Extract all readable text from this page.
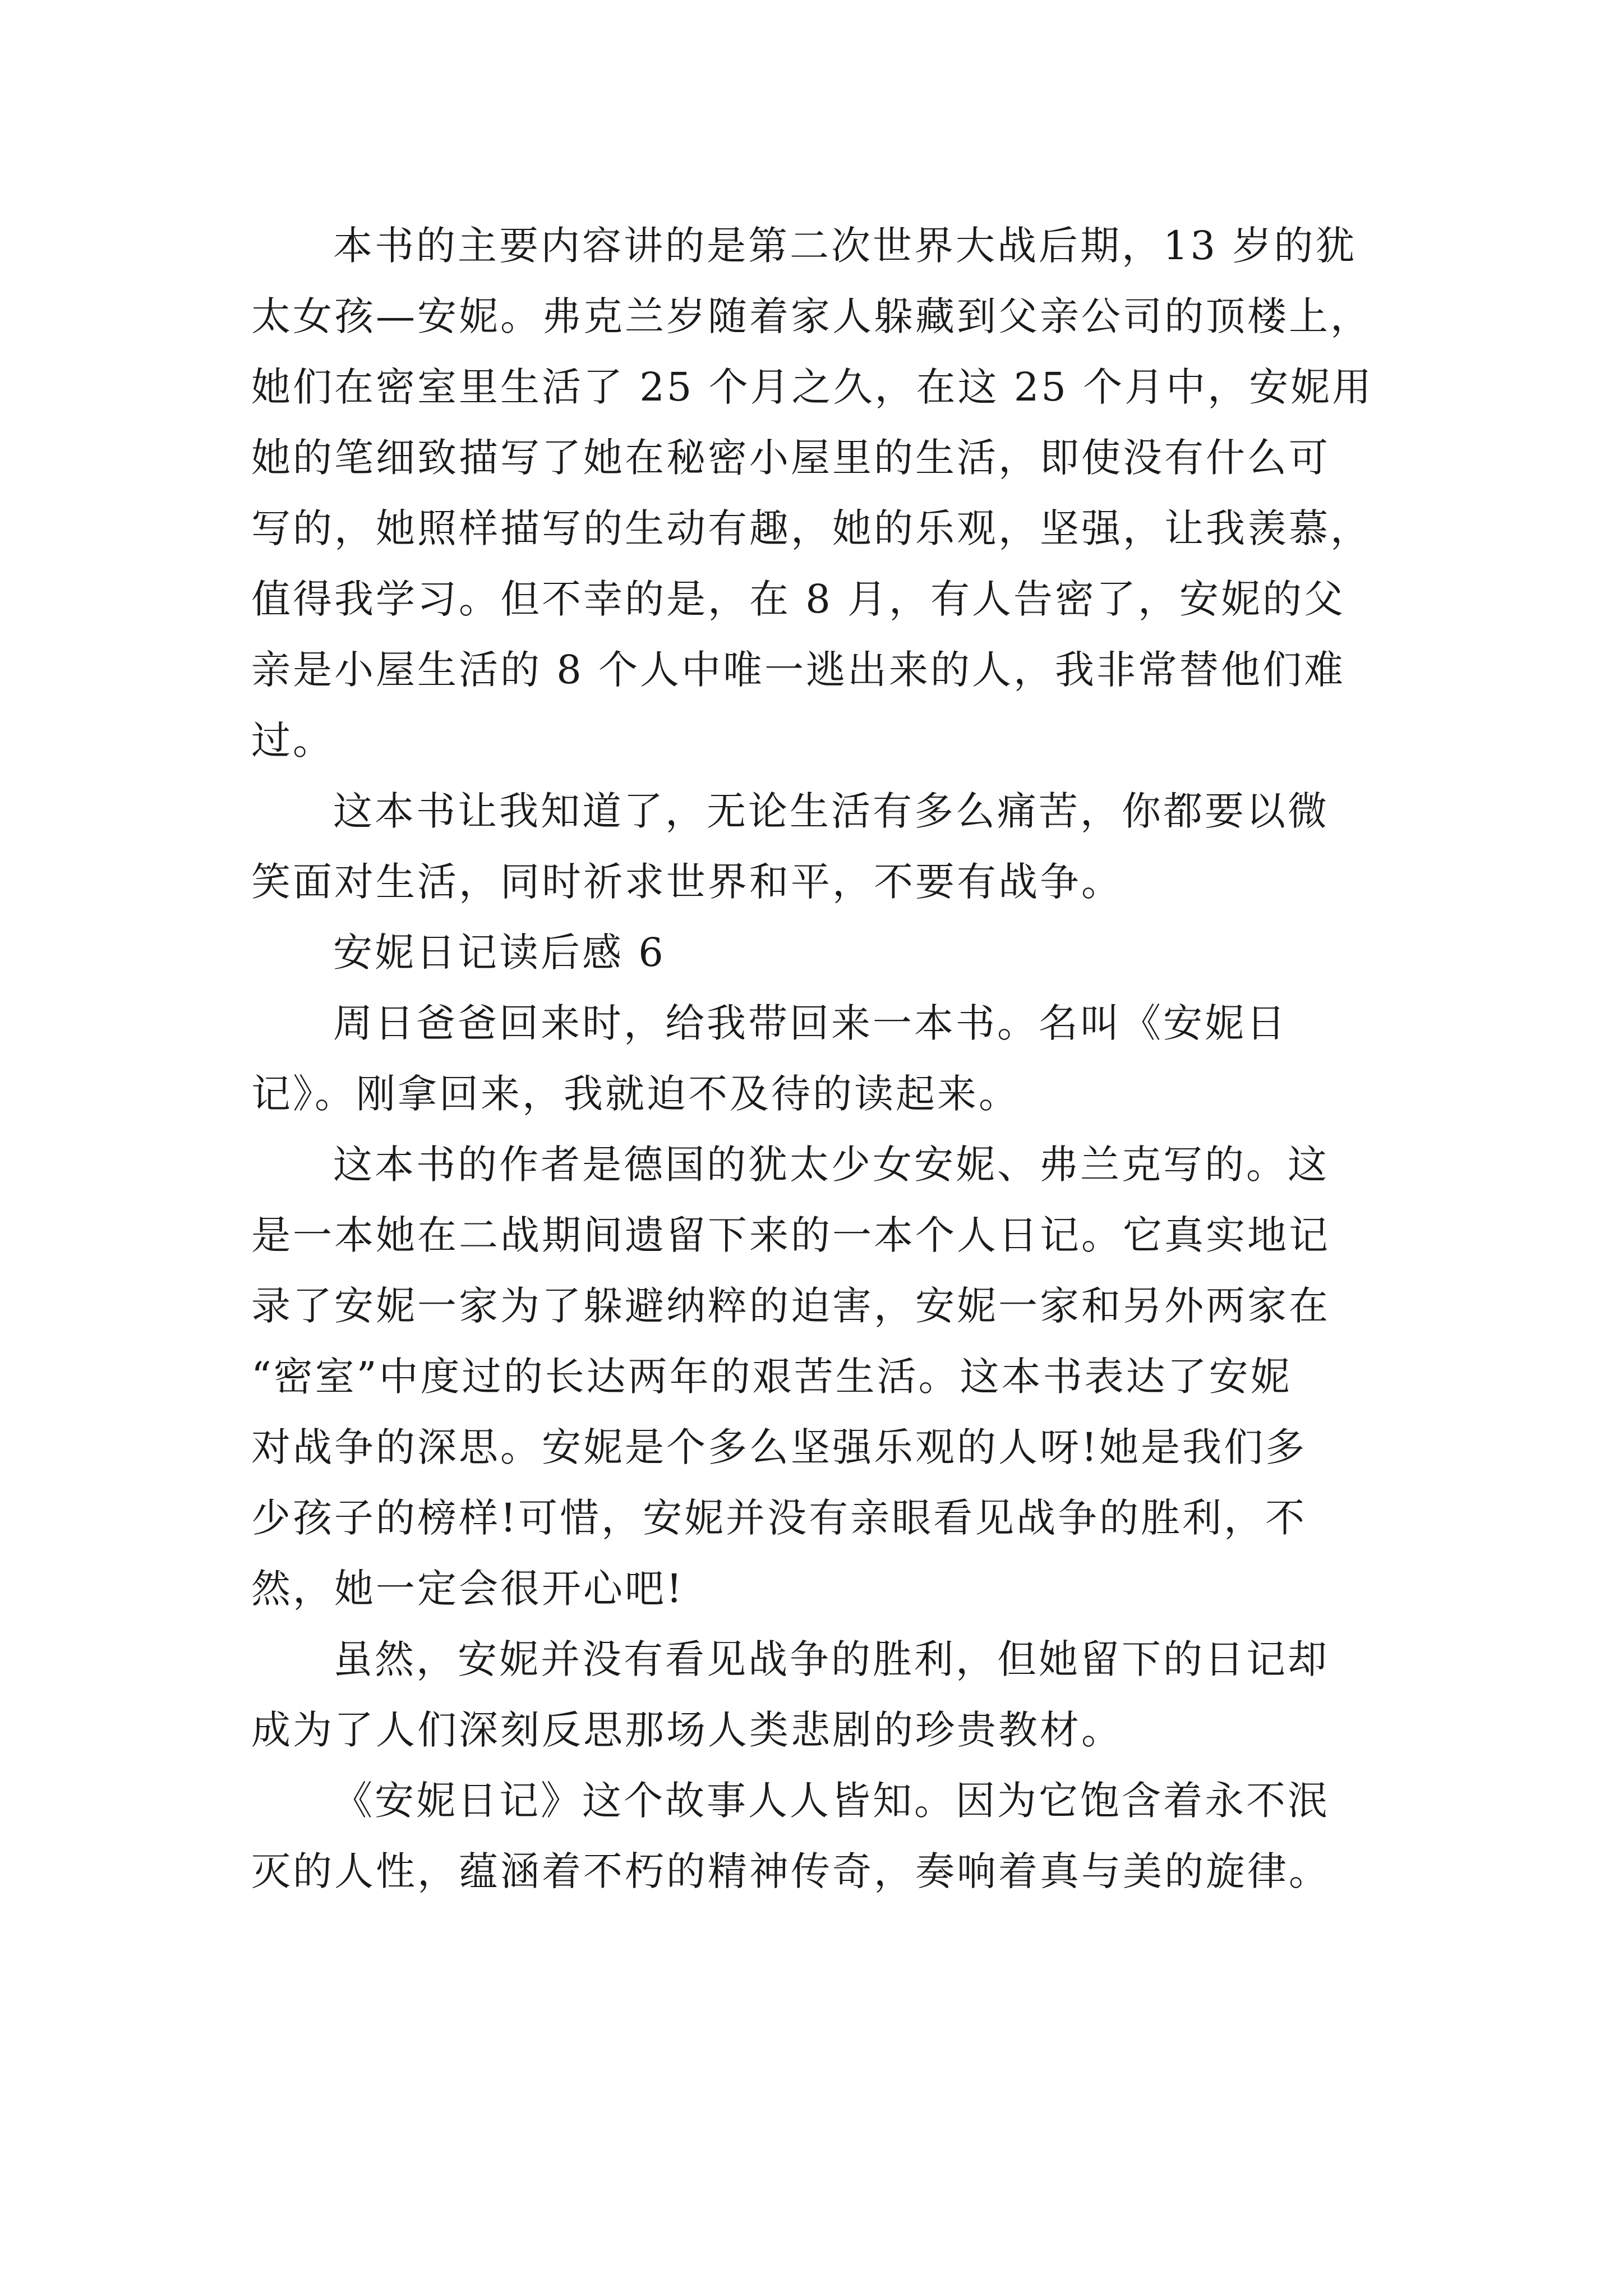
本书的主要内容讲的是第二次世界大战后期，13 岁的犹
太女孩—安妮。弗克兰岁随着家人躲藏到父亲公司的顶楼上，
她们在密室里生活了 25 个月之久，在这 25 个月中，安妮用
她的笔细致描写了她在秘密小屋里的生活，即使没有什么可
写的，她照样描写的生动有趣，她的乐观，坚强，让我羡慕，
值得我学习。但不幸的是，在 8 月，有人告密了，安妮的父
亲是小屋生活的 8 个人中唯一逃出来的人，我非常替他们难
过。
这本书让我知道了，无论生活有多么痛苦，你都要以微
笑面对生活，同时祈求世界和平，不要有战争。
安妮日记读后感 6
周日爸爸回来时，给我带回来一本书。名叫《安妮日
记》。刚拿回来，我就迫不及待的读起来。
这本书的作者是德国的犹太少女安妮、弗兰克写的。这
是一本她在二战期间遗留下来的一本个人日记。它真实地记
录了安妮一家为了躲避纳粹的迫害，安妮一家和另外两家在
“密室”中度过的长达两年的艰苦生活。这本书表达了安妮
对战争的深思。安妮是个多么坚强乐观的人呀!她是我们多
少孩子的榜样!可惜，安妮并没有亲眼看见战争的胜利，不
然，她一定会很开心吧!
虽然，安妮并没有看见战争的胜利，但她留下的日记却
成为了人们深刻反思那场人类悲剧的珍贵教材。
《安妮日记》这个故事人人皆知。因为它饱含着永不泯
灭的人性，蕴涵着不朽的精神传奇，奏响着真与美的旋律。
